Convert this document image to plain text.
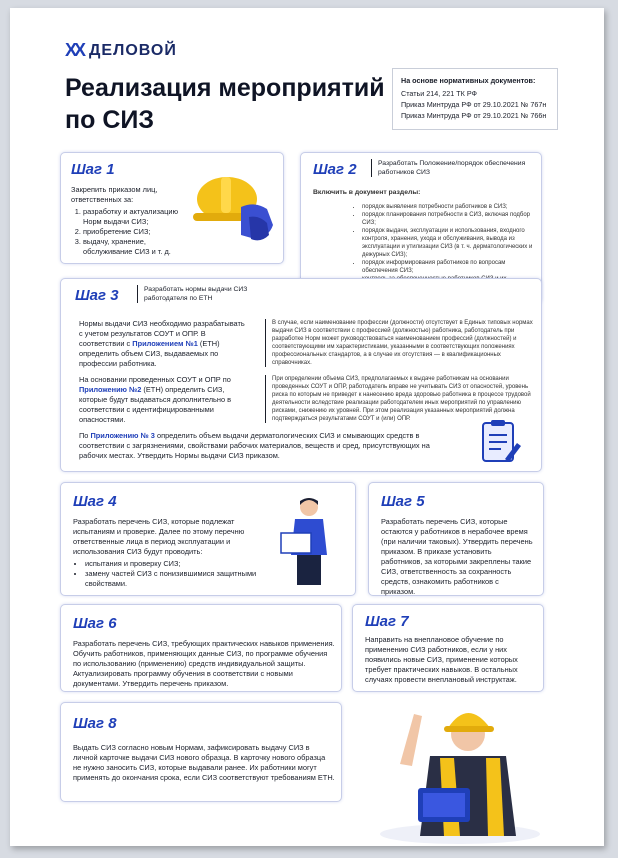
XX ДЕЛОВОЙ
Реализация мероприятий по СИЗ
На основе нормативных документов:
Статьи 214, 221 ТК РФ
Приказ Минтруда РФ от 29.10.2021 № 767н
Приказ Минтруда РФ от 29.10.2021 № 766н
Шаг 1
Закрепить приказом лиц, ответственных за:
1. разработку и актуализацию Норм выдачи СИЗ;
2. приобретение СИЗ;
3. выдачу, хранение, обслуживание СИЗ и т. д.
Шаг 2	Разработать Положение/порядок обеспечения работников СИЗ
Включить в документ разделы:
• порядок выявления потребности работников в СИЗ;
• порядок планирования потребности в СИЗ, включая подбор СИЗ;
• порядок выдачи, эксплуатации и использования, входного контроля, хранения, ухода и обслуживания, вывода из эксплуатации и утилизации СИЗ (в т. ч. дерматологических и дежурных СИЗ);
• порядок информирования работников по вопросам обеспечения СИЗ;
•
•
Шаг 3	Разработать нормы выдачи СИЗ работодателя по ЕТН
Нормы выдачи СИЗ необходимо разрабатывать с учетом результатов СОУТ и ОПР. В соответствии с Приложением №1 (ЕТН) определить объем СИЗ, выдаваемых по профессии работника.
В случае, если наименование профессии (должности) отсутствует в Единых типовых нормах выдачи СИЗ в соответствии с профессией (должностью) работника, работодатель при разработке Норм может руководствоваться наименованием профессий (должностей) и соответствующими им характеристиками, указанными в соответствующих положениях профессиональных стандартов, а в случае их отсутствия — в квалификационных справочниках.
На основании проведенных СОУТ и ОПР по Приложению №2 (ЕТН) определить СИЗ, которые будут выдаваться дополнительно в соответствии с идентифицированными опасностями.
При определении объема СИЗ, предполагаемых к выдаче работникам на основании проведенных СОУТ и ОПР, работодатель вправе не учитывать СИЗ от опасностей, уровень риска по которым не приведет к нанесению вреда здоровью работника в процессе трудовой деятельности вследствие реализации работодателем иных мероприятий по управлению рисками, снижению их уровней. При этом реализация указанных мероприятий должна подтверждаться результатами СОУТ и (или) ОПР.
По Приложению № 3 определить объем выдачи дерматологических СИЗ и смывающих средств в соответствии с загрязнениями, свойствами рабочих материалов, веществ и сред, присутствующих на рабочих местах. Утвердить Нормы выдачи СИЗ приказом.
Шаг 4
Разработать перечень СИЗ, которые подлежат испытаниям и проверке. Далее по этому перечню ответственные лица в период эксплуатации и использования СИЗ будут проводить:
• испытания и проверку СИЗ;
• замену частей СИЗ с понизившимися защитными свойствами.
Шаг 5
Разработать перечень СИЗ, которые остаются у работников в нерабочее время (при наличии таковых). Утвердить перечень приказом. В приказе установить работников, за которыми закреплены такие СИЗ, ответственность за сохранность средств, ознакомить работников с приказом.
Шаг 6
Разработать перечень СИЗ, требующих практических навыков применения. Обучить работников, применяющих данные СИЗ, по программе обучения по использованию (применению) средств индивидуальной защиты. Актуализировать программу обучения в соответствии с новыми документами. Утвердить перечень приказом.
Шаг 7
Направить на внеплановое обучение по применению СИЗ работников, если у них появились новые СИЗ, применение которых требует практических навыков. В остальных случаях провести внеплановый инструктаж.
Шаг 8
Выдать СИЗ согласно новым Нормам, зафиксировать выдачу СИЗ в личной карточке выдачи СИЗ нового образца. В карточку нового образца не нужно заносить СИЗ, которые выдавали ранее. Их работники могут применять до окончания срока, если СИЗ соответствуют требованиям ЕТН.
